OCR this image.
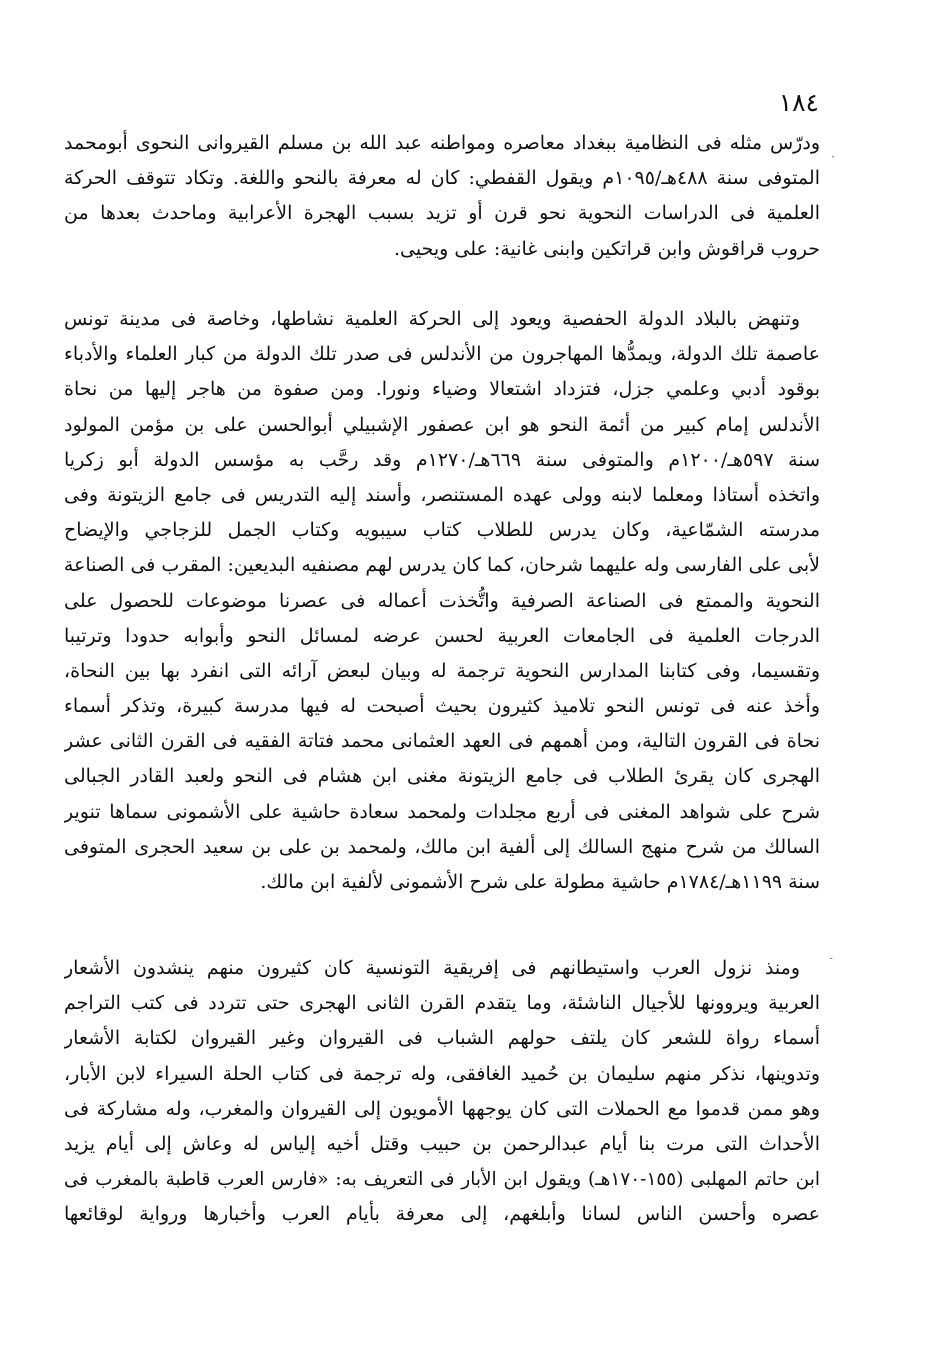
١٨٤
·
ˋ
ودرّس مثله فى النظامية ببغداد معاصره ومواطنه عبد الله بن مسلم القيروانى النحوى أبومحمد
المتوفى سنة ٤٨٨هـ/١٠٩٥م ويقول القفطي: كان له معرفة بالنحو واللغة. وتكاد تتوقف الحركة
العلمية فى الدراسات النحوية نحو قرن أو تزيد بسبب الهجرة الأعرابية وماحدث بعدها من
حروب قراقوش وابن قراتكين وابنى غانية: على ويحيى.
وتنهض بالبلاد الدولة الحفصية ويعود إلى الحركة العلمية نشاطها، وخاصة فى مدينة تونس
عاصمة تلك الدولة، ويمدُّها المهاجرون من الأندلس فى صدر تلك الدولة من كبار العلماء والأدباء
بوقود أدبي وعلمي جزل، فتزداد اشتعالا وضياء ونورا. ومن صفوة من هاجر إليها من نحاة
الأندلس إمام كبير من أئمة النحو هو ابن عصفور الإشبيلي أبوالحسن على بن مؤمن المولود
سنة ٥٩٧هـ/١٢٠٠م والمتوفى سنة ٦٦٩هـ/١٢٧٠م وقد رحَّب به مؤسس الدولة أبو زكريا
واتخذه أستاذا ومعلما لابنه وولى عهده المستنصر، وأسند إليه التدريس فى جامع الزيتونة وفى
مدرسته الشمّاعية، وكان يدرس للطلاب كتاب سيبويه وكتاب الجمل للزجاجي والإيضاح
لأبى على الفارسى وله عليهما شرحان، كما كان يدرس لهم مصنفيه البديعين: المقرب فى الصناعة
النحوية والممتع فى الصناعة الصرفية واتُّخذت أعماله فى عصرنا موضوعات للحصول على
الدرجات العلمية فى الجامعات العربية لحسن عرضه لمسائل النحو وأبوابه حدودا وترتيبا
وتقسيما، وفى كتابنا المدارس النحوية ترجمة له وبيان لبعض آرائه التى انفرد بها بين النحاة،
وأخذ عنه فى تونس النحو تلاميذ كثيرون بحيث أصبحت له فيها مدرسة كبيرة، وتذكر أسماء
نحاة فى القرون التالية، ومن أهمهم فى العهد العثمانى محمد فتاتة الفقيه فى القرن الثانى عشر
الهجرى كان يقرئ الطلاب فى جامع الزيتونة مغنى ابن هشام فى النحو ولعبد القادر الجبالى
شرح على شواهد المغنى فى أربع مجلدات ولمحمد سعادة حاشية على الأشمونى سماها تنوير
السالك من شرح منهج السالك إلى ألفية ابن مالك، ولمحمد بن على بن سعيد الحجرى المتوفى
سنة ١١٩٩هـ/١٧٨٤م حاشية مطولة على شرح الأشمونى لألفية ابن مالك.
ومنذ نزول العرب واستيطانهم فى إفريقية التونسية كان كثيرون منهم ينشدون الأشعار
العربية ويروونها للأجيال الناشئة، وما يتقدم القرن الثانى الهجرى حتى تتردد فى كتب التراجم
أسماء رواة للشعر كان يلتف حولهم الشباب فى القيروان وغير القيروان لكتابة الأشعار
وتدوينها، نذكر منهم سليمان بن حُميد الغافقى، وله ترجمة فى كتاب الحلة السيراء لابن الأبار،
وهو ممن قدموا مع الحملات التى كان يوجهها الأمويون إلى القيروان والمغرب، وله مشاركة فى
الأحداث التى مرت بنا أيام عبدالرحمن بن حبيب وقتل أخيه إلياس له وعاش إلى أيام يزيد
ابن حاتم المهلبى (١٥٥-١٧٠هـ) ويقول ابن الأبار فى التعريف به: «فارس العرب قاطبة بالمغرب فى
عصره وأحسن الناس لسانا وأبلغهم، إلى معرفة بأيام العرب وأخبارها ورواية لوقائعها
